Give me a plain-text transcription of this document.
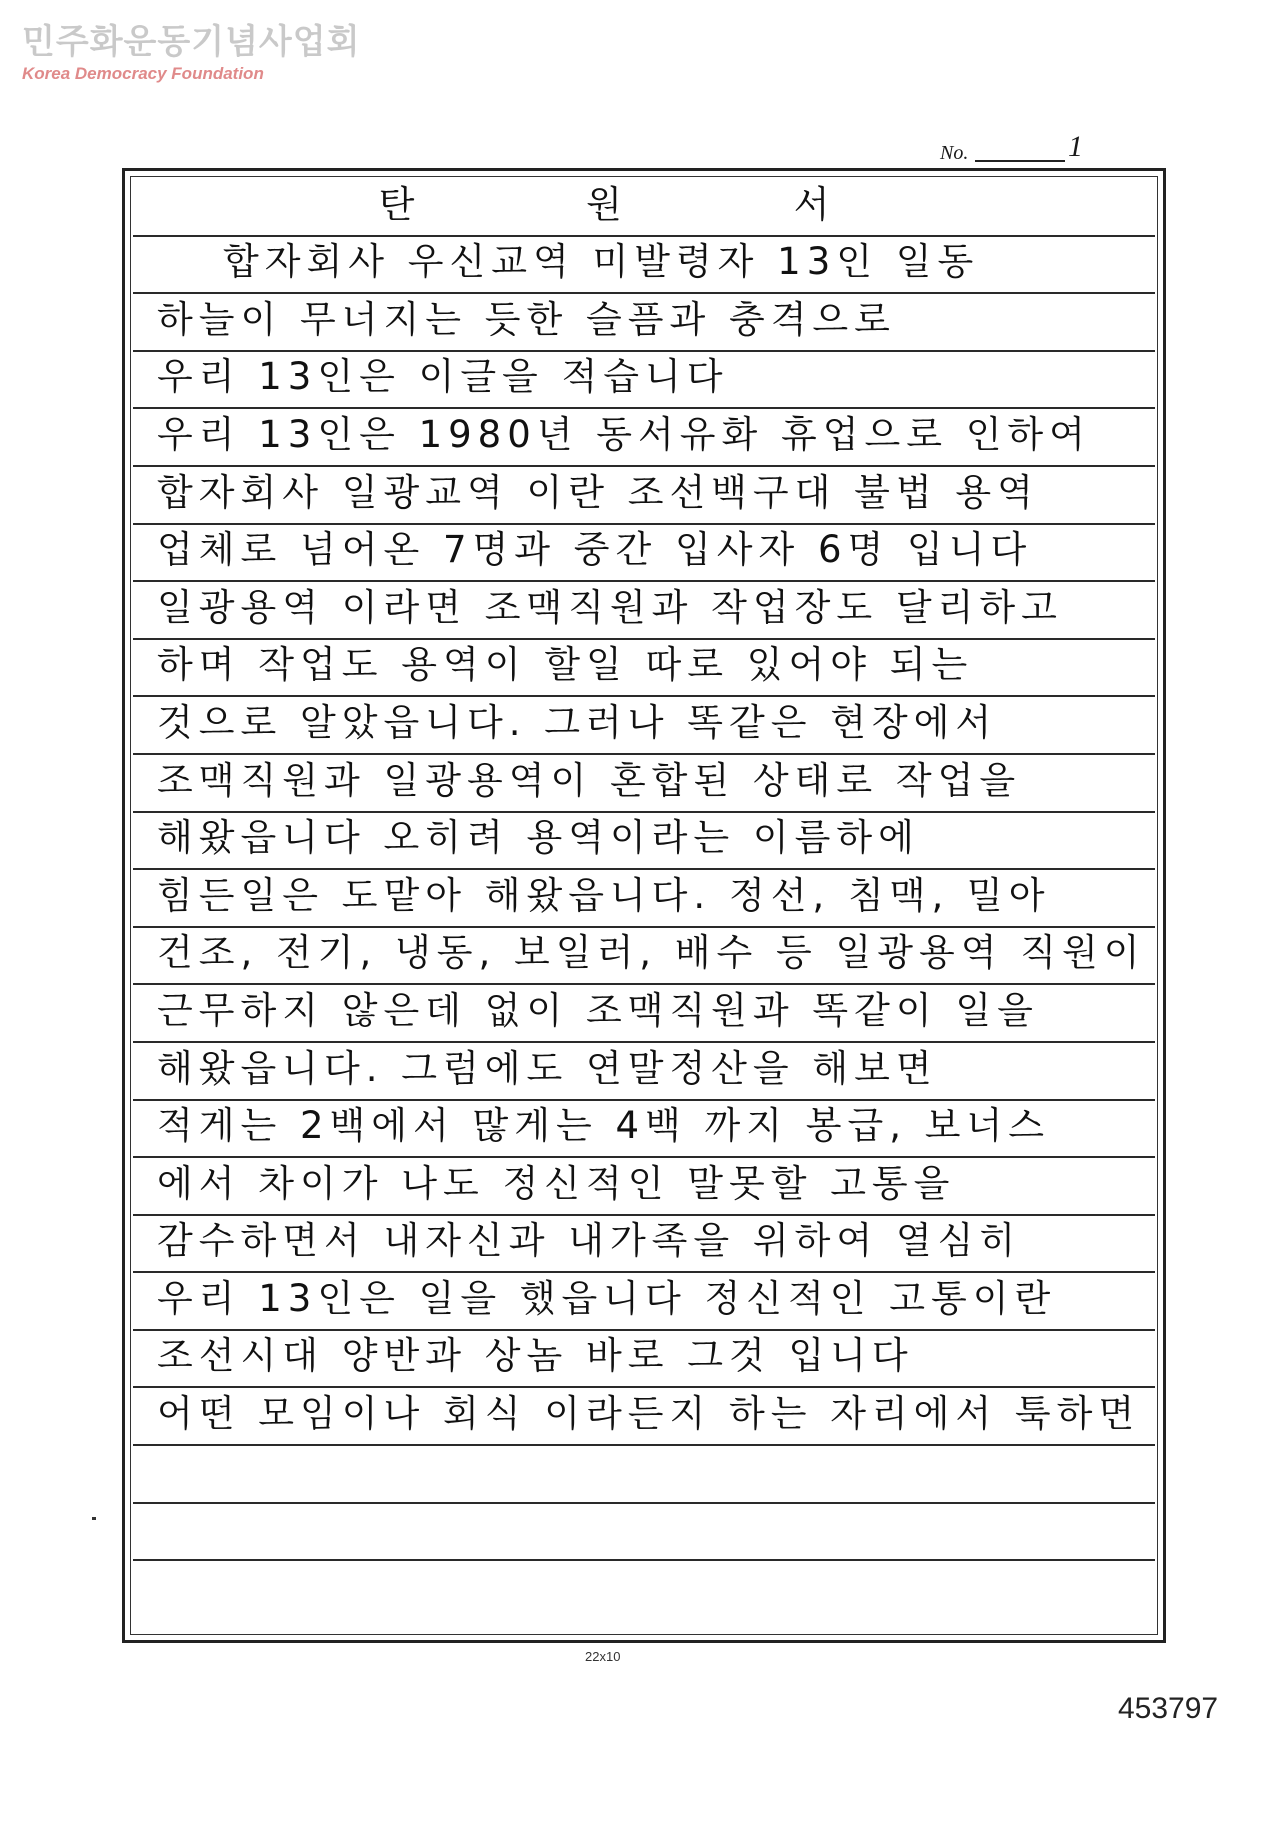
민주화운동기념사업회
Korea Democracy Foundation
No.	1
탄 원 서
합자회사 우신교역 미발령자 13인 일동
하늘이 무너지는 듯한 슬픔과 충격으로
우리 13인은 이글을 적습니다
우리 13인은 1980년 동서유화 휴업으로 인하여
합자회사 일광교역 이란 조선백구대 불법 용역
업체로 넘어온 7명과 중간 입사자 6명 입니다
일광용역 이라면 조맥직원과 작업장도 달리하고
하며 작업도 용역이 할일 따로 있어야 되는
것으로 알았읍니다. 그러나 똑같은 현장에서
조맥직원과 일광용역이 혼합된 상태로 작업을
해왔읍니다 오히려 용역이라는 이름하에
힘든일은 도맡아 해왔읍니다. 정선, 침맥, 밀아
건조, 전기, 냉동, 보일러, 배수 등 일광용역 직원이
근무하지 않은데 없이 조맥직원과 똑같이 일을
해왔읍니다. 그럼에도 연말정산을 해보면
적게는 2백에서 많게는 4백 까지 봉급, 보너스
에서 차이가 나도 정신적인 말못할 고통을
감수하면서 내자신과 내가족을 위하여 열심히
우리 13인은 일을 했읍니다 정신적인 고통이란
조선시대 양반과 상놈 바로 그것 입니다
어떤 모임이나 회식 이라든지 하는 자리에서 툭하면
22x10
453797
